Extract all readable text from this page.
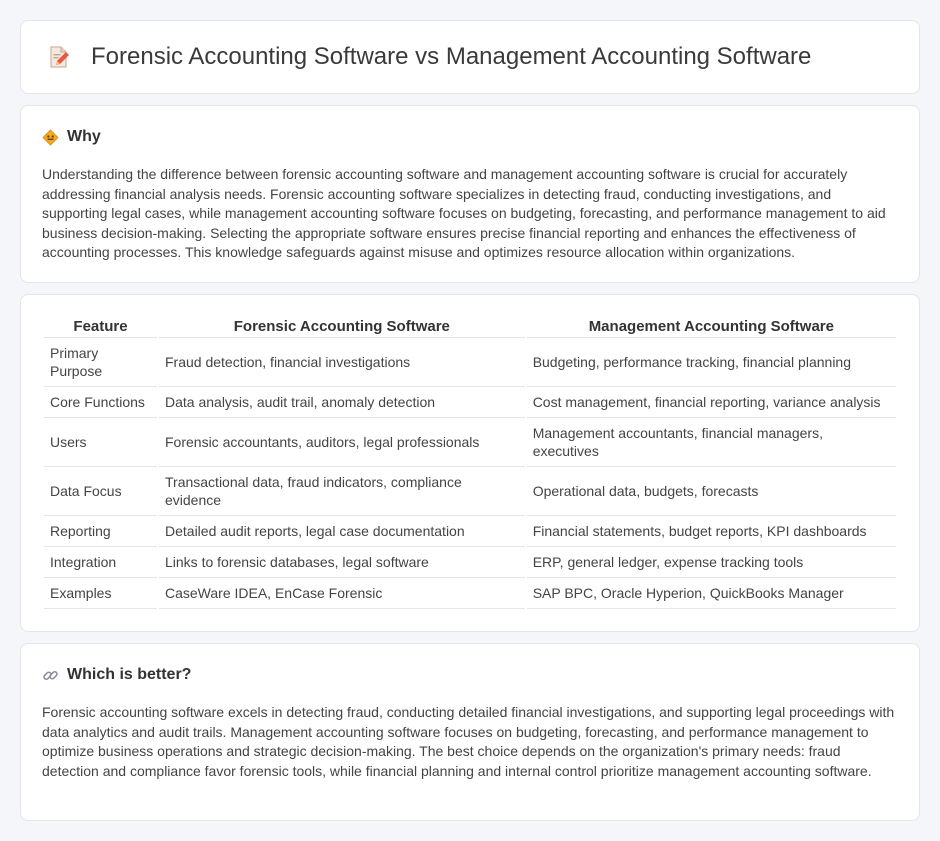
Forensic Accounting Software vs Management Accounting Software
Why

Understanding the difference between forensic accounting software and management accounting software is crucial for accurately addressing financial analysis needs. Forensic accounting software specializes in detecting fraud, conducting investigations, and supporting legal cases, while management accounting software focuses on budgeting, forecasting, and performance management to aid business decision-making. Selecting the appropriate software ensures precise financial reporting and enhances the effectiveness of accounting processes. This knowledge safeguards against misuse and optimizes resource allocation within organizations.

Feature	Forensic Accounting Software	Management Accounting Software
Primary Purpose	Fraud detection, financial investigations	Budgeting, performance tracking, financial planning
Core Functions	Data analysis, audit trail, anomaly detection	Cost management, financial reporting, variance analysis
Users	Forensic accountants, auditors, legal professionals	Management accountants, financial managers, executives
Data Focus	Transactional data, fraud indicators, compliance evidence	Operational data, budgets, forecasts
Reporting	Detailed audit reports, legal case documentation	Financial statements, budget reports, KPI dashboards
Integration	Links to forensic databases, legal software	ERP, general ledger, expense tracking tools
Examples	CaseWare IDEA, EnCase Forensic	SAP BPC, Oracle Hyperion, QuickBooks Manager
Which is better?

Forensic accounting software excels in detecting fraud, conducting detailed financial investigations, and supporting legal proceedings with data analytics and audit trails. Management accounting software focuses on budgeting, forecasting, and performance management to optimize business operations and strategic decision-making. The best choice depends on the organization's primary needs: fraud detection and compliance favor forensic tools, while financial planning and internal control prioritize management accounting software.
